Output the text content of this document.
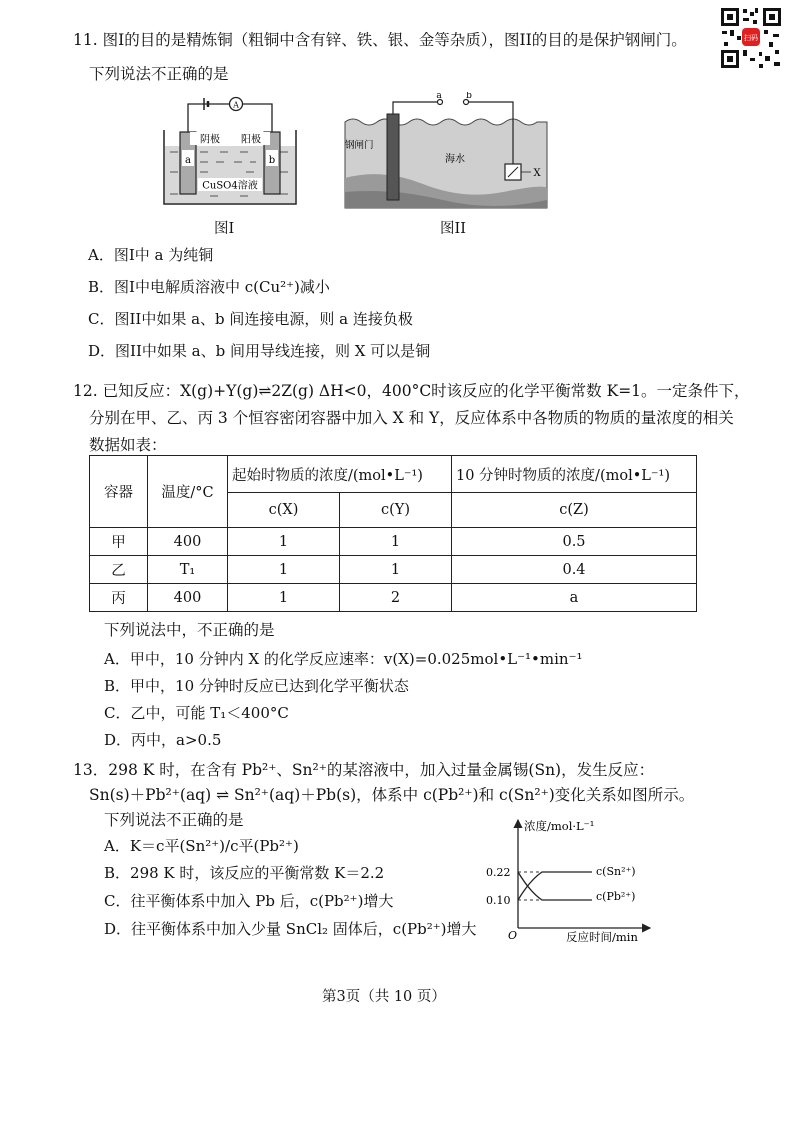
扫码
11. 图I的目的是精炼铜（粗铜中含有锌、铁、银、金等杂质），图II的目的是保护钢闸门。
下列说法不正确的是
A
a	b
阴极 阳极
CuSO4溶液
图I
a	b
X
钢闸门
海水
图II
A．图I中 a 为纯铜
B．图I中电解质溶液中 c(Cu²⁺)减小
C．图II中如果 a、b 间连接电源，则 a 连接负极
D．图II中如果 a、b 间用导线连接，则 X 可以是铜
12. 已知反应：X(g)+Y(g)⇌2Z(g) ΔH<0，400°C时该反应的化学平衡常数 K=1。一定条件下，
分别在甲、乙、丙 3 个恒容密闭容器中加入 X 和 Y，反应体系中各物质的物质的量浓度的相关
数据如表：
容器	温度/°C	起始时物质的浓度/(mol•L⁻¹)		10 分钟时物质的浓度/(mol•L⁻¹)
		c(X)	c(Y)	c(Z)
甲	400	1	1	0.5
乙	T₁	1	1	0.4
丙	400	1	2	a
下列说法中，不正确的是
A．甲中，10 分钟内 X 的化学反应速率：v(X)=0.025mol•L⁻¹•min⁻¹
B．甲中，10 分钟时反应已达到化学平衡状态
C．乙中，可能 T₁＜400°C
D．丙中，a>0.5
13．298 K 时，在含有 Pb²⁺、Sn²⁺的某溶液中，加入过量金属锡(Sn)，发生反应：
Sn(s)＋Pb²⁺(aq) ⇌ Sn²⁺(aq)＋Pb(s)，体系中 c(Pb²⁺)和 c(Sn²⁺)变化关系如图所示。
下列说法不正确的是
A．K＝c平(Sn²⁺)/c平(Pb²⁺)
B．298 K 时，该反应的平衡常数 K＝2.2
C．往平衡体系中加入 Pb 后，c(Pb²⁺)增大
D．往平衡体系中加入少量 SnCl₂ 固体后，c(Pb²⁺)增大
浓度/mol·L⁻¹
反应时间/min
O
0.22
0.10
c(Sn²⁺)
c(Pb²⁺)
第3页（共 10 页）
